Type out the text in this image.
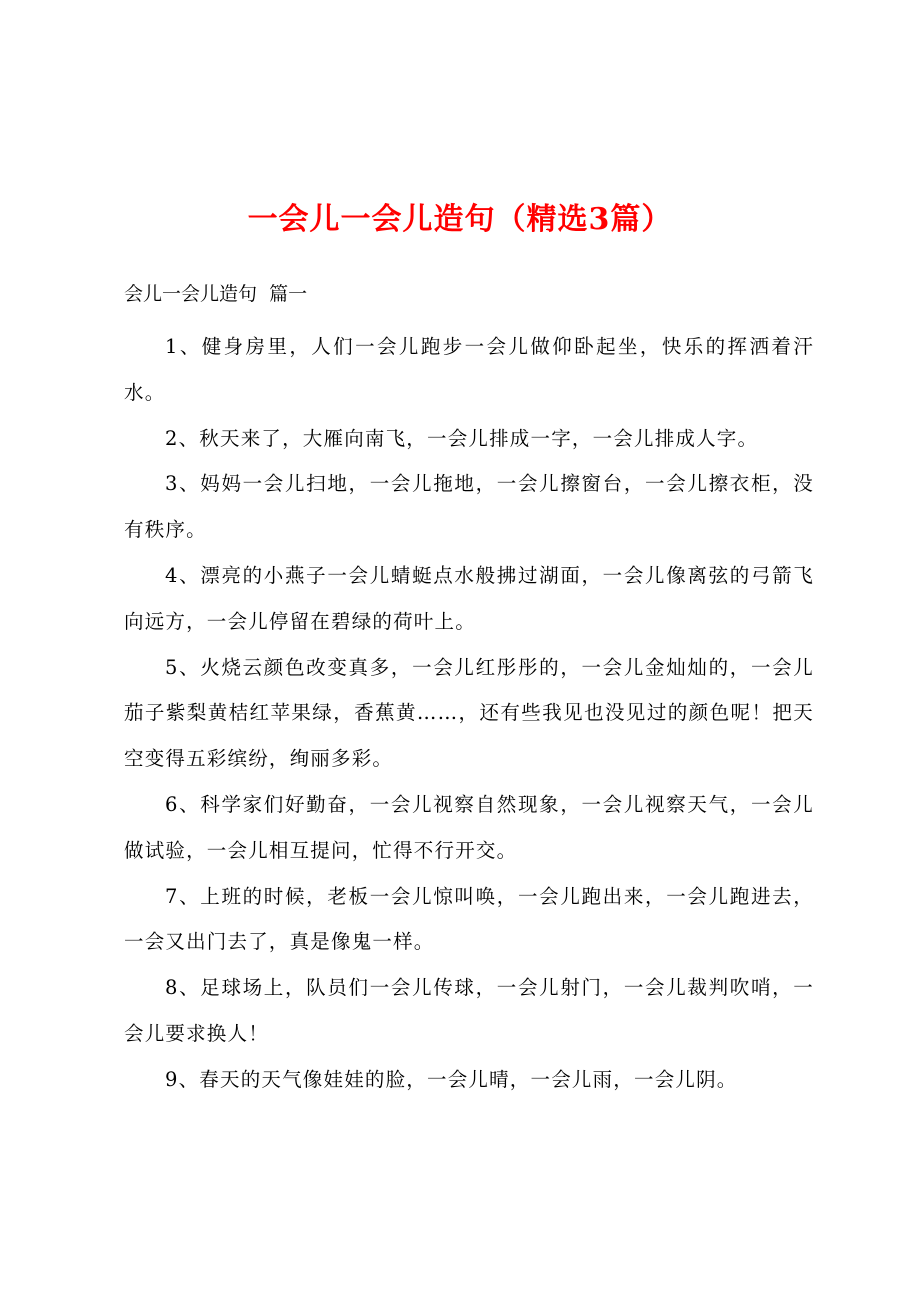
一会儿一会儿造句（精选3篇）

会儿一会儿造句  篇一

1、健身房里，人们一会儿跑步一会儿做仰卧起坐，快乐的挥洒着汗水。

2、秋天来了，大雁向南飞，一会儿排成一字，一会儿排成人字。

3、妈妈一会儿扫地，一会儿拖地，一会儿擦窗台，一会儿擦衣柜，没有秩序。

4、漂亮的小燕子一会儿蜻蜓点水般拂过湖面，一会儿像离弦的弓箭飞向远方，一会儿停留在碧绿的荷叶上。

5、火烧云颜色改变真多，一会儿红彤彤的，一会儿金灿灿的，一会儿茄子紫梨黄桔红苹果绿，香蕉黄……，还有些我见也没见过的颜色呢！把天空变得五彩缤纷，绚丽多彩。

6、科学家们好勤奋，一会儿视察自然现象，一会儿视察天气，一会儿做试验，一会儿相互提问，忙得不行开交。

7、上班的时候，老板一会儿惊叫唤，一会儿跑出来，一会儿跑进去，一会又出门去了，真是像鬼一样。

8、足球场上，队员们一会儿传球，一会儿射门，一会儿裁判吹哨，一会儿要求换人！

9、春天的天气像娃娃的脸，一会儿晴，一会儿雨，一会儿阴。
